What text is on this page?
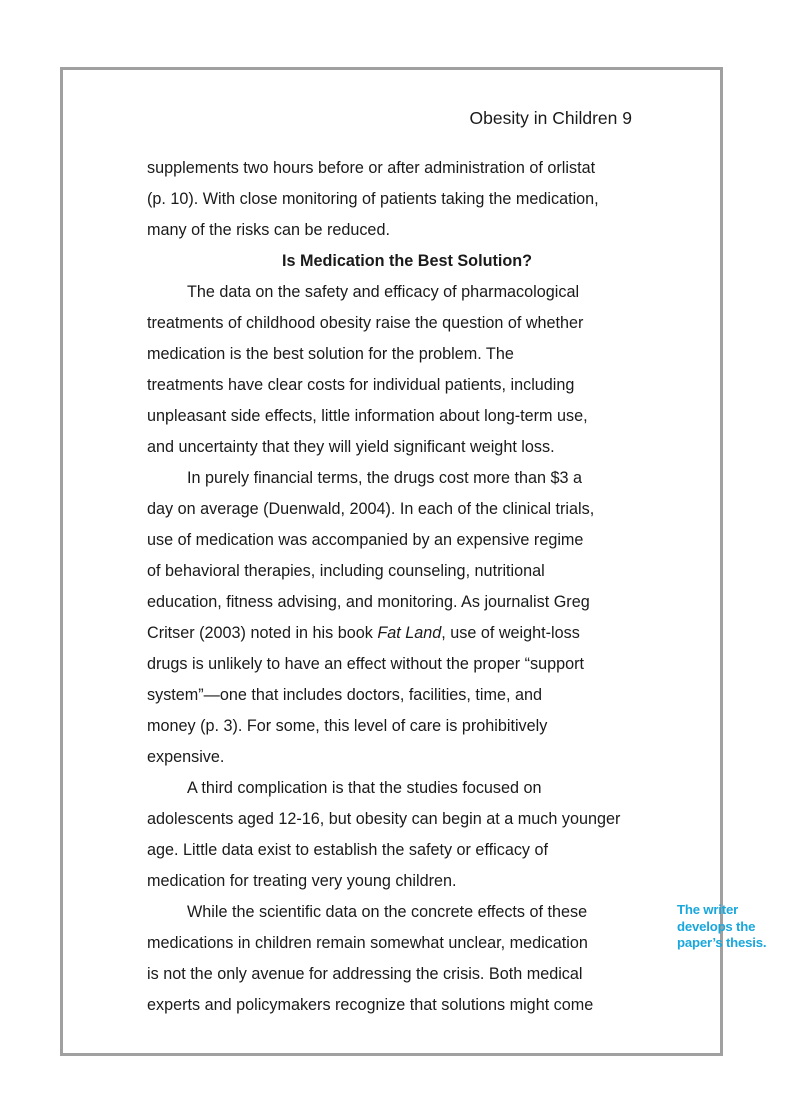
Obesity in Children 9
supplements two hours before or after administration of orlistat
(p. 10). With close monitoring of patients taking the medication,
many of the risks can be reduced.
Is Medication the Best Solution?
The data on the safety and efficacy of pharmacological
treatments of childhood obesity raise the question of whether
medication is the best solution for the problem. The
treatments have clear costs for individual patients, including
unpleasant side effects, little information about long-term use,
and uncertainty that they will yield significant weight loss.
In purely financial terms, the drugs cost more than $3 a
day on average (Duenwald, 2004). In each of the clinical trials,
use of medication was accompanied by an expensive regime
of behavioral therapies, including counseling, nutritional
education, fitness advising, and monitoring. As journalist Greg
Critser (2003) noted in his book Fat Land, use of weight-loss
drugs is unlikely to have an effect without the proper “support
system”—one that includes doctors, facilities, time, and
money (p. 3). For some, this level of care is prohibitively
expensive.
A third complication is that the studies focused on
adolescents aged 12-16, but obesity can begin at a much younger
age. Little data exist to establish the safety or efficacy of
medication for treating very young children.
While the scientific data on the concrete effects of these
medications in children remain somewhat unclear, medication
is not the only avenue for addressing the crisis. Both medical
experts and policymakers recognize that solutions might come
The writer
develops the
paper’s thesis.
